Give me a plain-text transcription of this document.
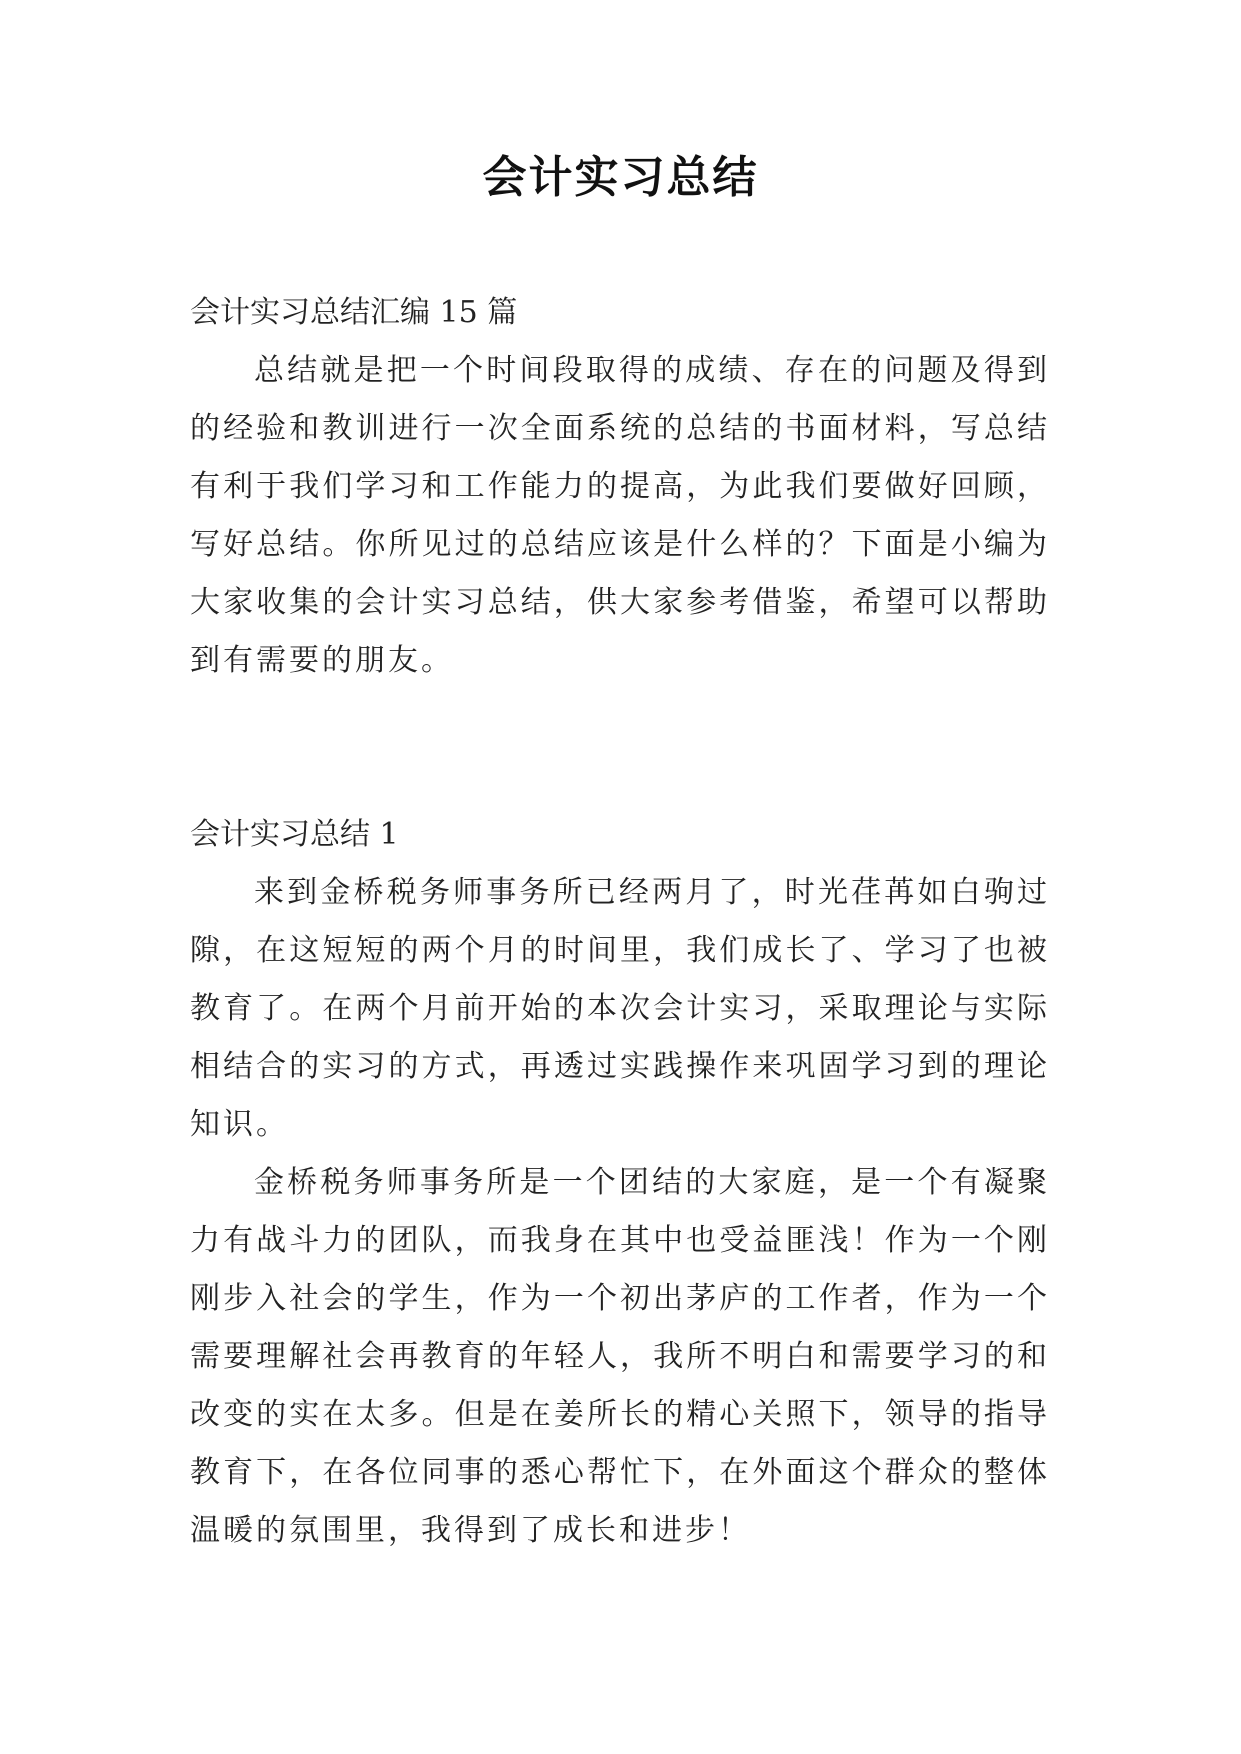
会计实习总结

会计实习总结汇编 15 篇

总结就是把一个时间段取得的成绩、存在的问题及得到的经验和教训进行一次全面系统的总结的书面材料，写总结有利于我们学习和工作能力的提高，为此我们要做好回顾，写好总结。你所见过的总结应该是什么样的？下面是小编为大家收集的会计实习总结，供大家参考借鉴，希望可以帮助到有需要的朋友。

会计实习总结 1

来到金桥税务师事务所已经两月了，时光荏苒如白驹过隙，在这短短的两个月的时间里，我们成长了、学习了也被教育了。在两个月前开始的本次会计实习，采取理论与实际相结合的实习的方式，再透过实践操作来巩固学习到的理论知识。

金桥税务师事务所是一个团结的大家庭，是一个有凝聚力有战斗力的团队，而我身在其中也受益匪浅！作为一个刚刚步入社会的学生，作为一个初出茅庐的工作者，作为一个需要理解社会再教育的年轻人，我所不明白和需要学习的和改变的实在太多。但是在姜所长的精心关照下，领导的指导教育下，在各位同事的悉心帮忙下，在外面这个群众的整体温暖的氛围里，我得到了成长和进步！
